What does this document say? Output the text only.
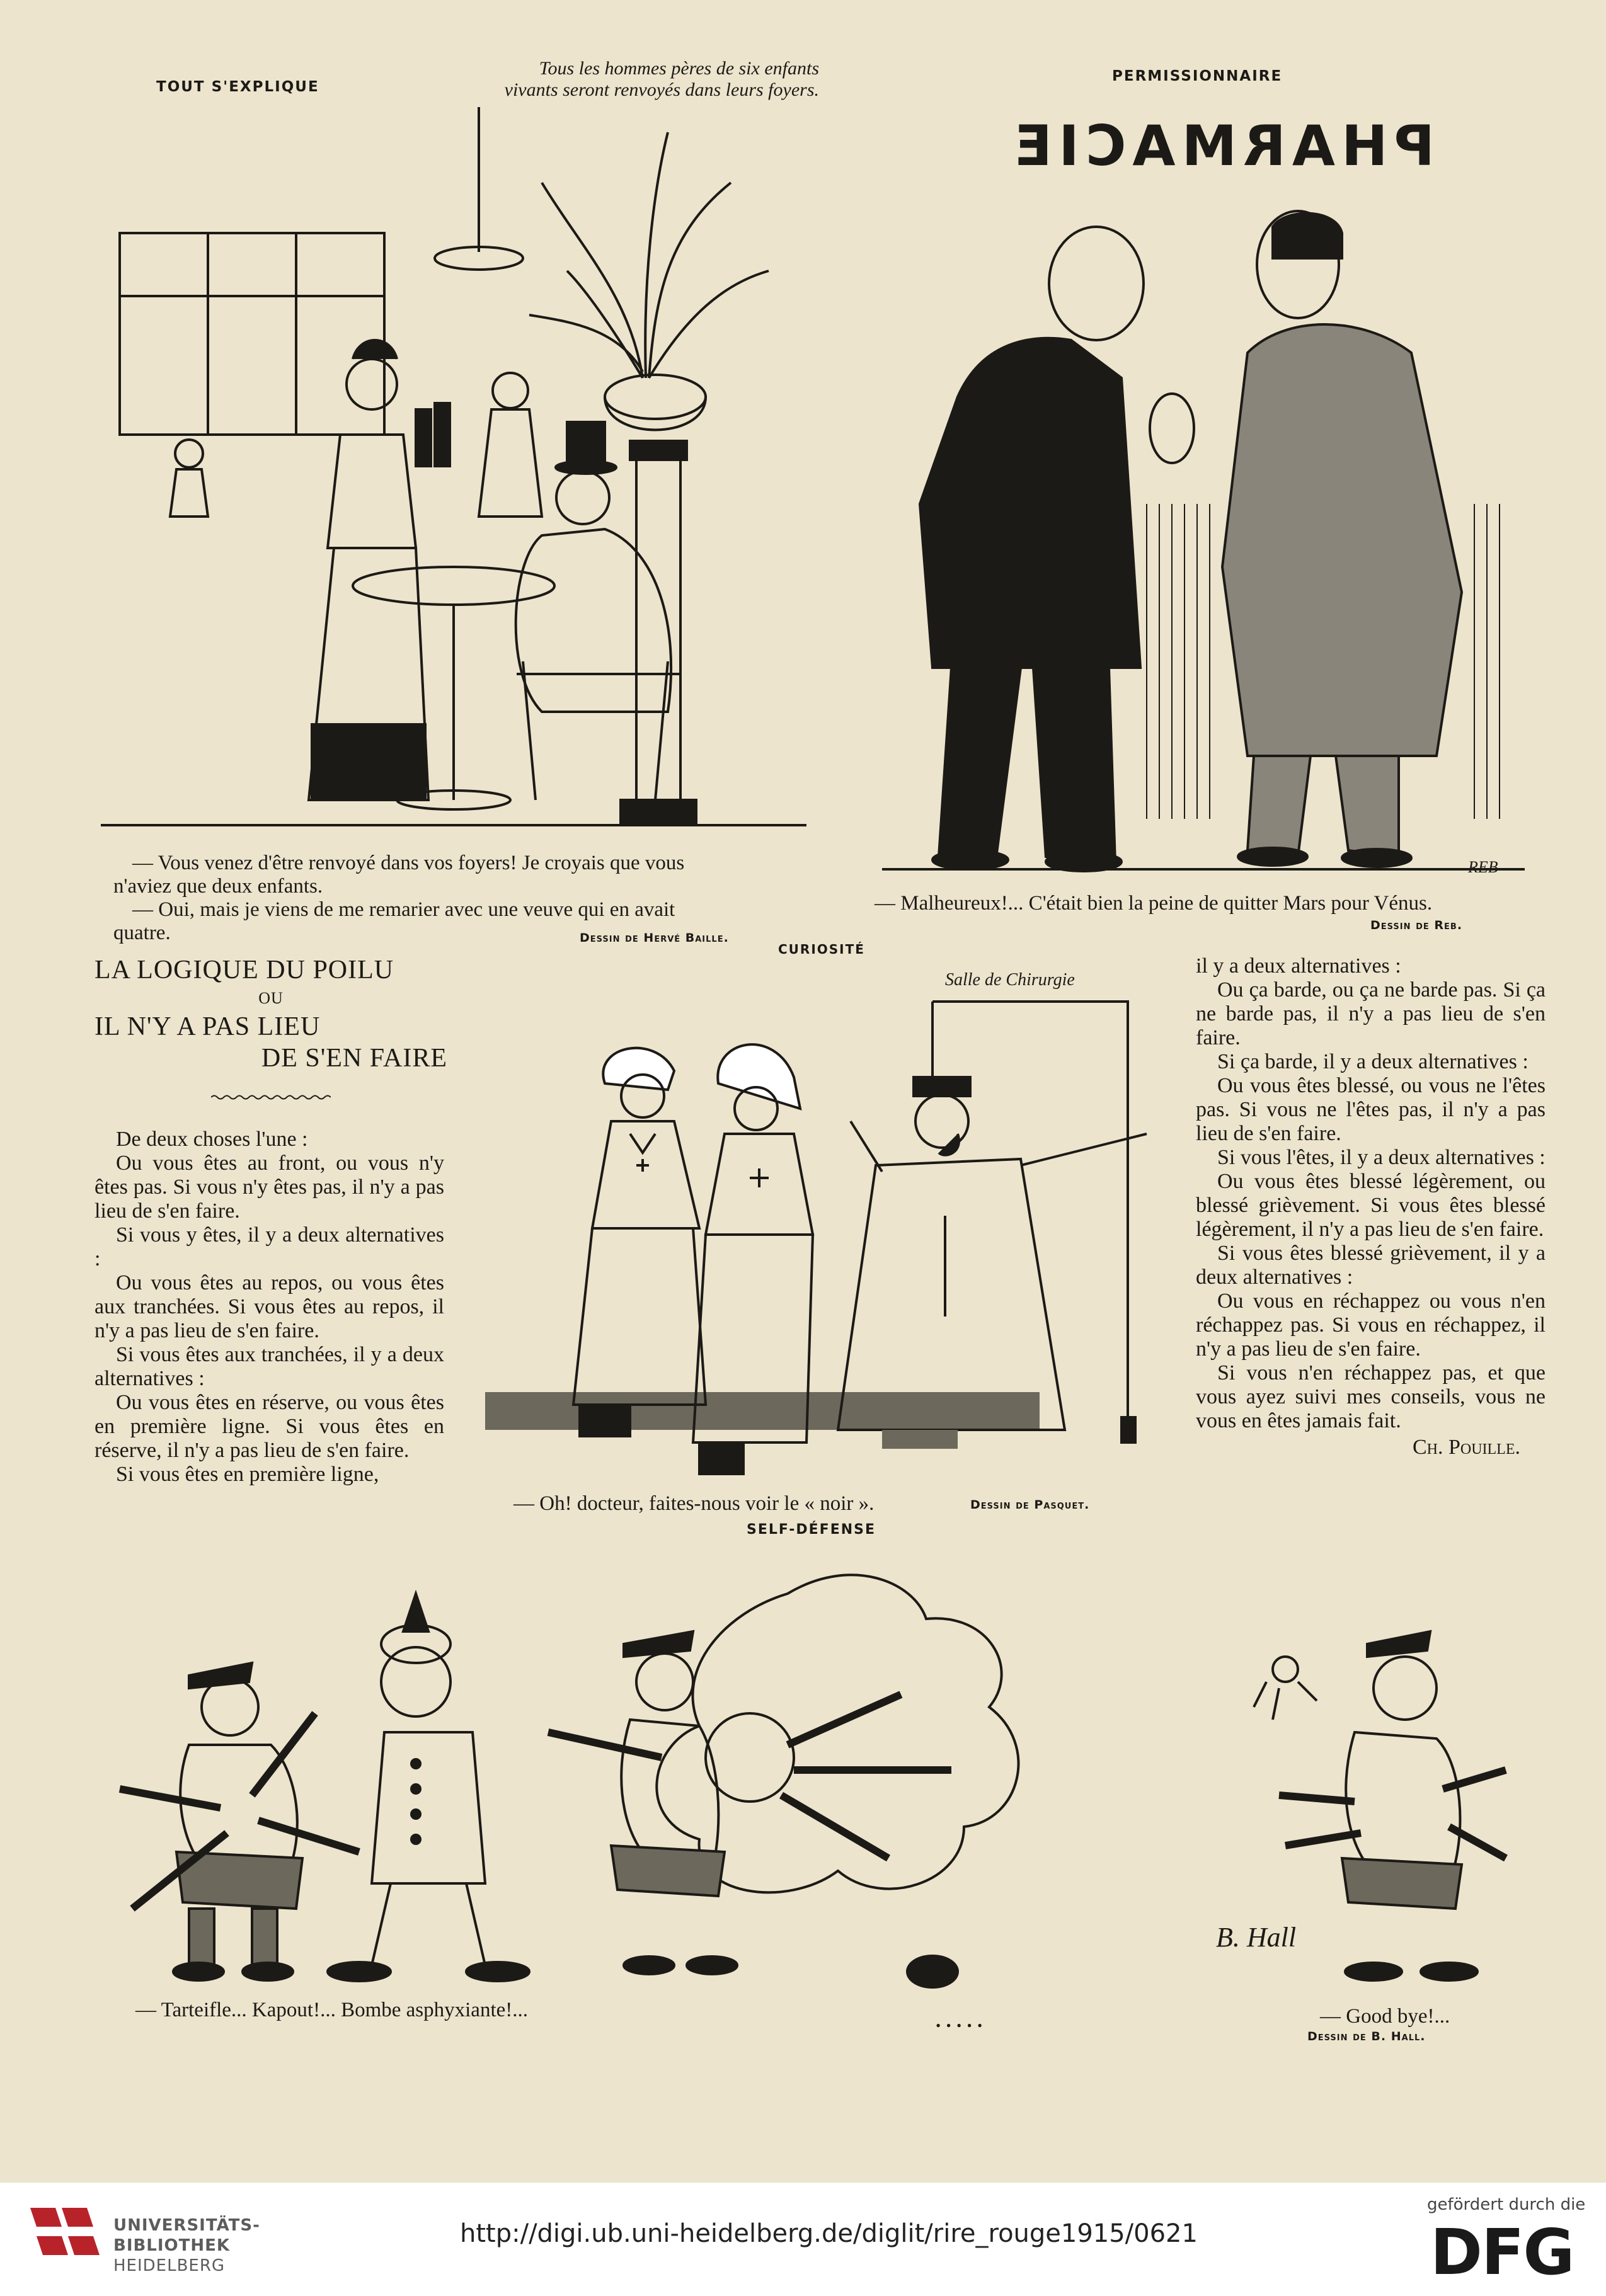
TOUT S'EXPLIQUE
Tous les hommes pères de six enfants
vivants seront renvoyés dans leurs foyers.
— Vous venez d'être renvoyé dans vos foyers! Je croyais que vous
n'aviez que deux enfants.
— Oui, mais je viens de me remarier avec une veuve qui en avait
quatre.	Dessin de Hervé Baille.
PERMISSIONNAIRE
PHARMACIE
REB
— Malheureux!... C'était bien la peine de quitter Mars pour Vénus.
Dessin de Reb.
LA LOGIQUE DU POILU
OU
IL N'Y A PAS LIEU
DE S'EN FAIRE

De deux choses l'une :

Ou vous êtes au front, ou vous n'y êtes pas. Si vous n'y êtes pas, il n'y a pas lieu de s'en faire.

Si vous y êtes, il y a deux alternatives :

Ou vous êtes au repos, ou vous êtes aux tranchées. Si vous êtes au repos, il n'y a pas lieu de s'en faire.

Si vous êtes aux tranchées, il y a deux alternatives :

Ou vous êtes en réserve, ou vous êtes en première ligne. Si vous êtes en réserve, il n'y a pas lieu de s'en faire.

Si vous êtes en première ligne,

il y a deux alternatives :

Ou ça barde, ou ça ne barde pas. Si ça ne barde pas, il n'y a pas lieu de s'en faire.

Si ça barde, il y a deux alternatives :

Ou vous êtes blessé, ou vous ne l'êtes pas. Si vous ne l'êtes pas, il n'y a pas lieu de s'en faire.

Si vous l'êtes, il y a deux alternatives :

Ou vous êtes blessé légèrement, ou blessé grièvement. Si vous êtes blessé légèrement, il n'y a pas lieu de s'en faire.

Si vous êtes blessé grièvement, il y a deux alternatives :

Ou vous en réchappez ou vous n'en réchappez pas. Si vous en réchappez, il n'y a pas lieu de s'en faire.

Si vous n'en réchappez pas, et que vous ayez suivi mes conseils, vous ne vous en êtes jamais fait.

Ch. Pouille.
CURIOSITÉ
Salle de Chirurgie
— Oh! docteur, faites-nous voir le « noir ».	Dessin de Pasquet.
SELF-DÉFENSE
B. Hall
— Tarteifle... Kapout!... Bombe asphyxiante!...	. . . . .	— Good bye!...
Dessin de B. Hall.
UNIVERSITÄTS-
BIBLIOTHEK
HEIDELBERG
http://digi.ub.uni-heidelberg.de/diglit/rire_rouge1915/0621
gefördert durch die
DFG
